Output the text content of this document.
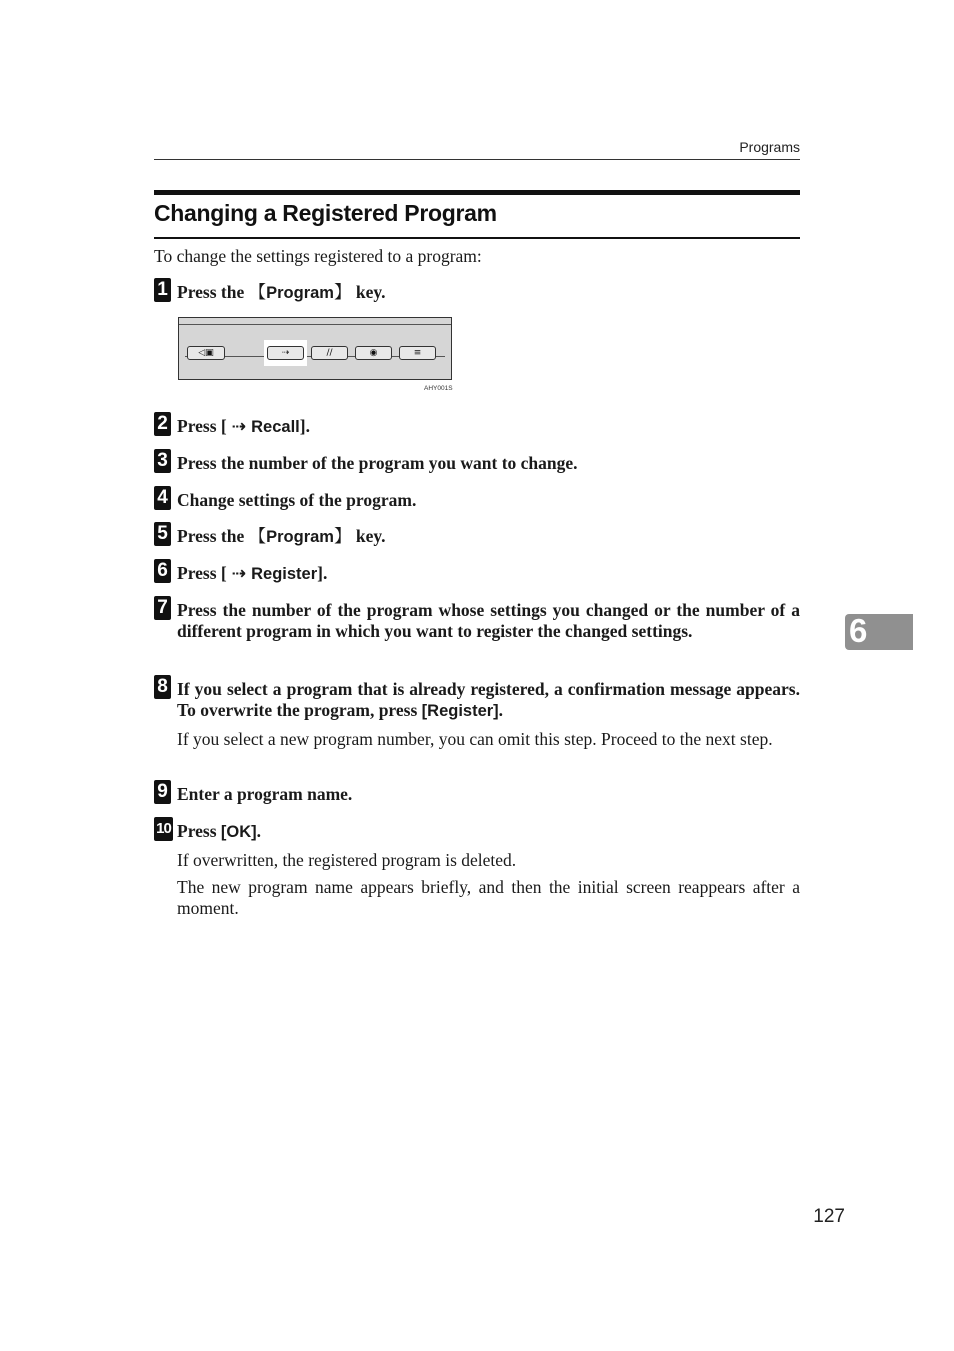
Programs
Changing a Registered Program

To change the settings registered to a program:

1 Press the 【Program】 key.
◁▣	⇢	//	◉	≡
AHY001S
2 Press [ ⇢ Recall].
3 Press the number of the program you want to change.
4 Change settings of the program.
5 Press the 【Program】 key.
6 Press [ ⇢ Register].
7 Press the number of the program whose settings you changed or the number of a different program in which you want to register the changed settings.
8 If you select a program that is already registered, a confirmation message appears. To overwrite the program, press [Register].

If you select a new program number, you can omit this step. Proceed to the next step.

9 Enter a program name.
10 Press [OK].

If overwritten, the registered program is deleted.

The new program name appears briefly, and then the initial screen reappears after a moment.

6
127
